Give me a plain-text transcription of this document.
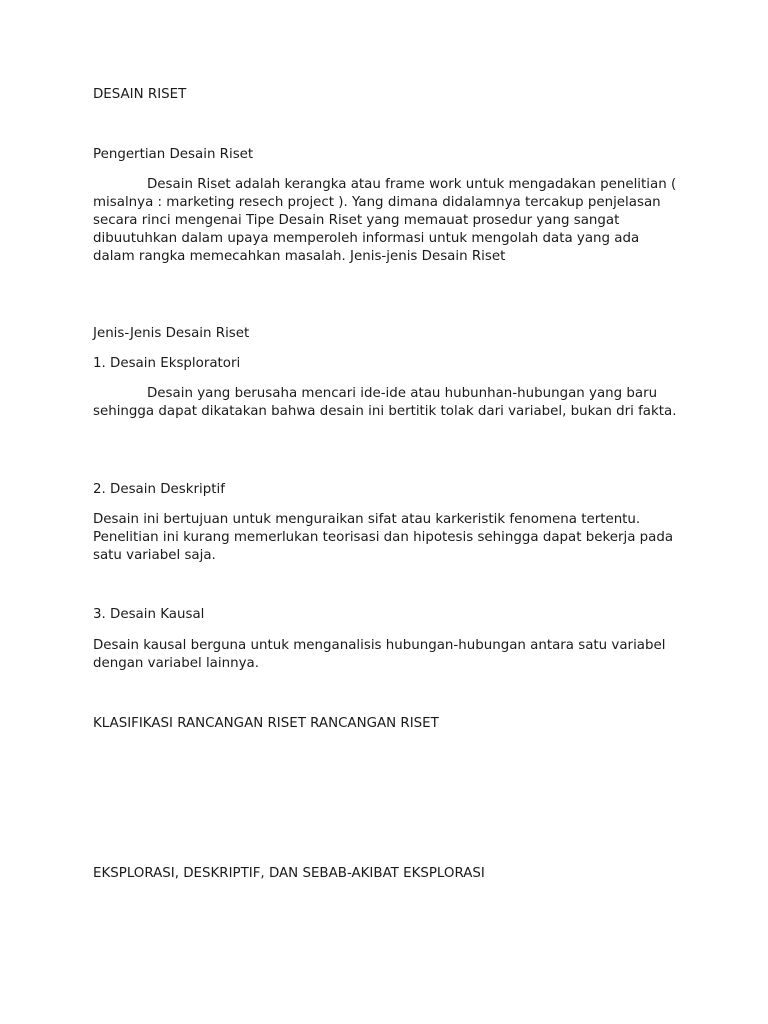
DESAIN RISET

Pengertian Desain Riset

Desain Riset adalah kerangka atau frame work untuk mengadakan penelitian ( misalnya : marketing resech project ). Yang dimana didalamnya tercakup penjelasan secara rinci mengenai Tipe Desain Riset yang memauat prosedur yang sangat dibuutuhkan dalam upaya memperoleh informasi untuk mengolah data yang ada dalam rangka memecahkan masalah. Jenis-jenis Desain Riset

Jenis-Jenis Desain Riset

1. Desain Eksploratori

Desain yang berusaha mencari ide-ide atau hubunhan-hubungan yang baru sehingga dapat dikatakan bahwa desain ini bertitik tolak dari variabel, bukan dri fakta.

2. Desain Deskriptif

Desain ini bertujuan untuk menguraikan sifat atau karkeristik fenomena tertentu. Penelitian ini kurang memerlukan teorisasi dan hipotesis sehingga dapat bekerja pada satu variabel saja.

3. Desain Kausal

Desain kausal berguna untuk menganalisis hubungan-hubungan antara satu variabel dengan variabel lainnya.

KLASIFIKASI RANCANGAN RISET RANCANGAN RISET

EKSPLORASI, DESKRIPTIF, DAN SEBAB-AKIBAT EKSPLORASI
